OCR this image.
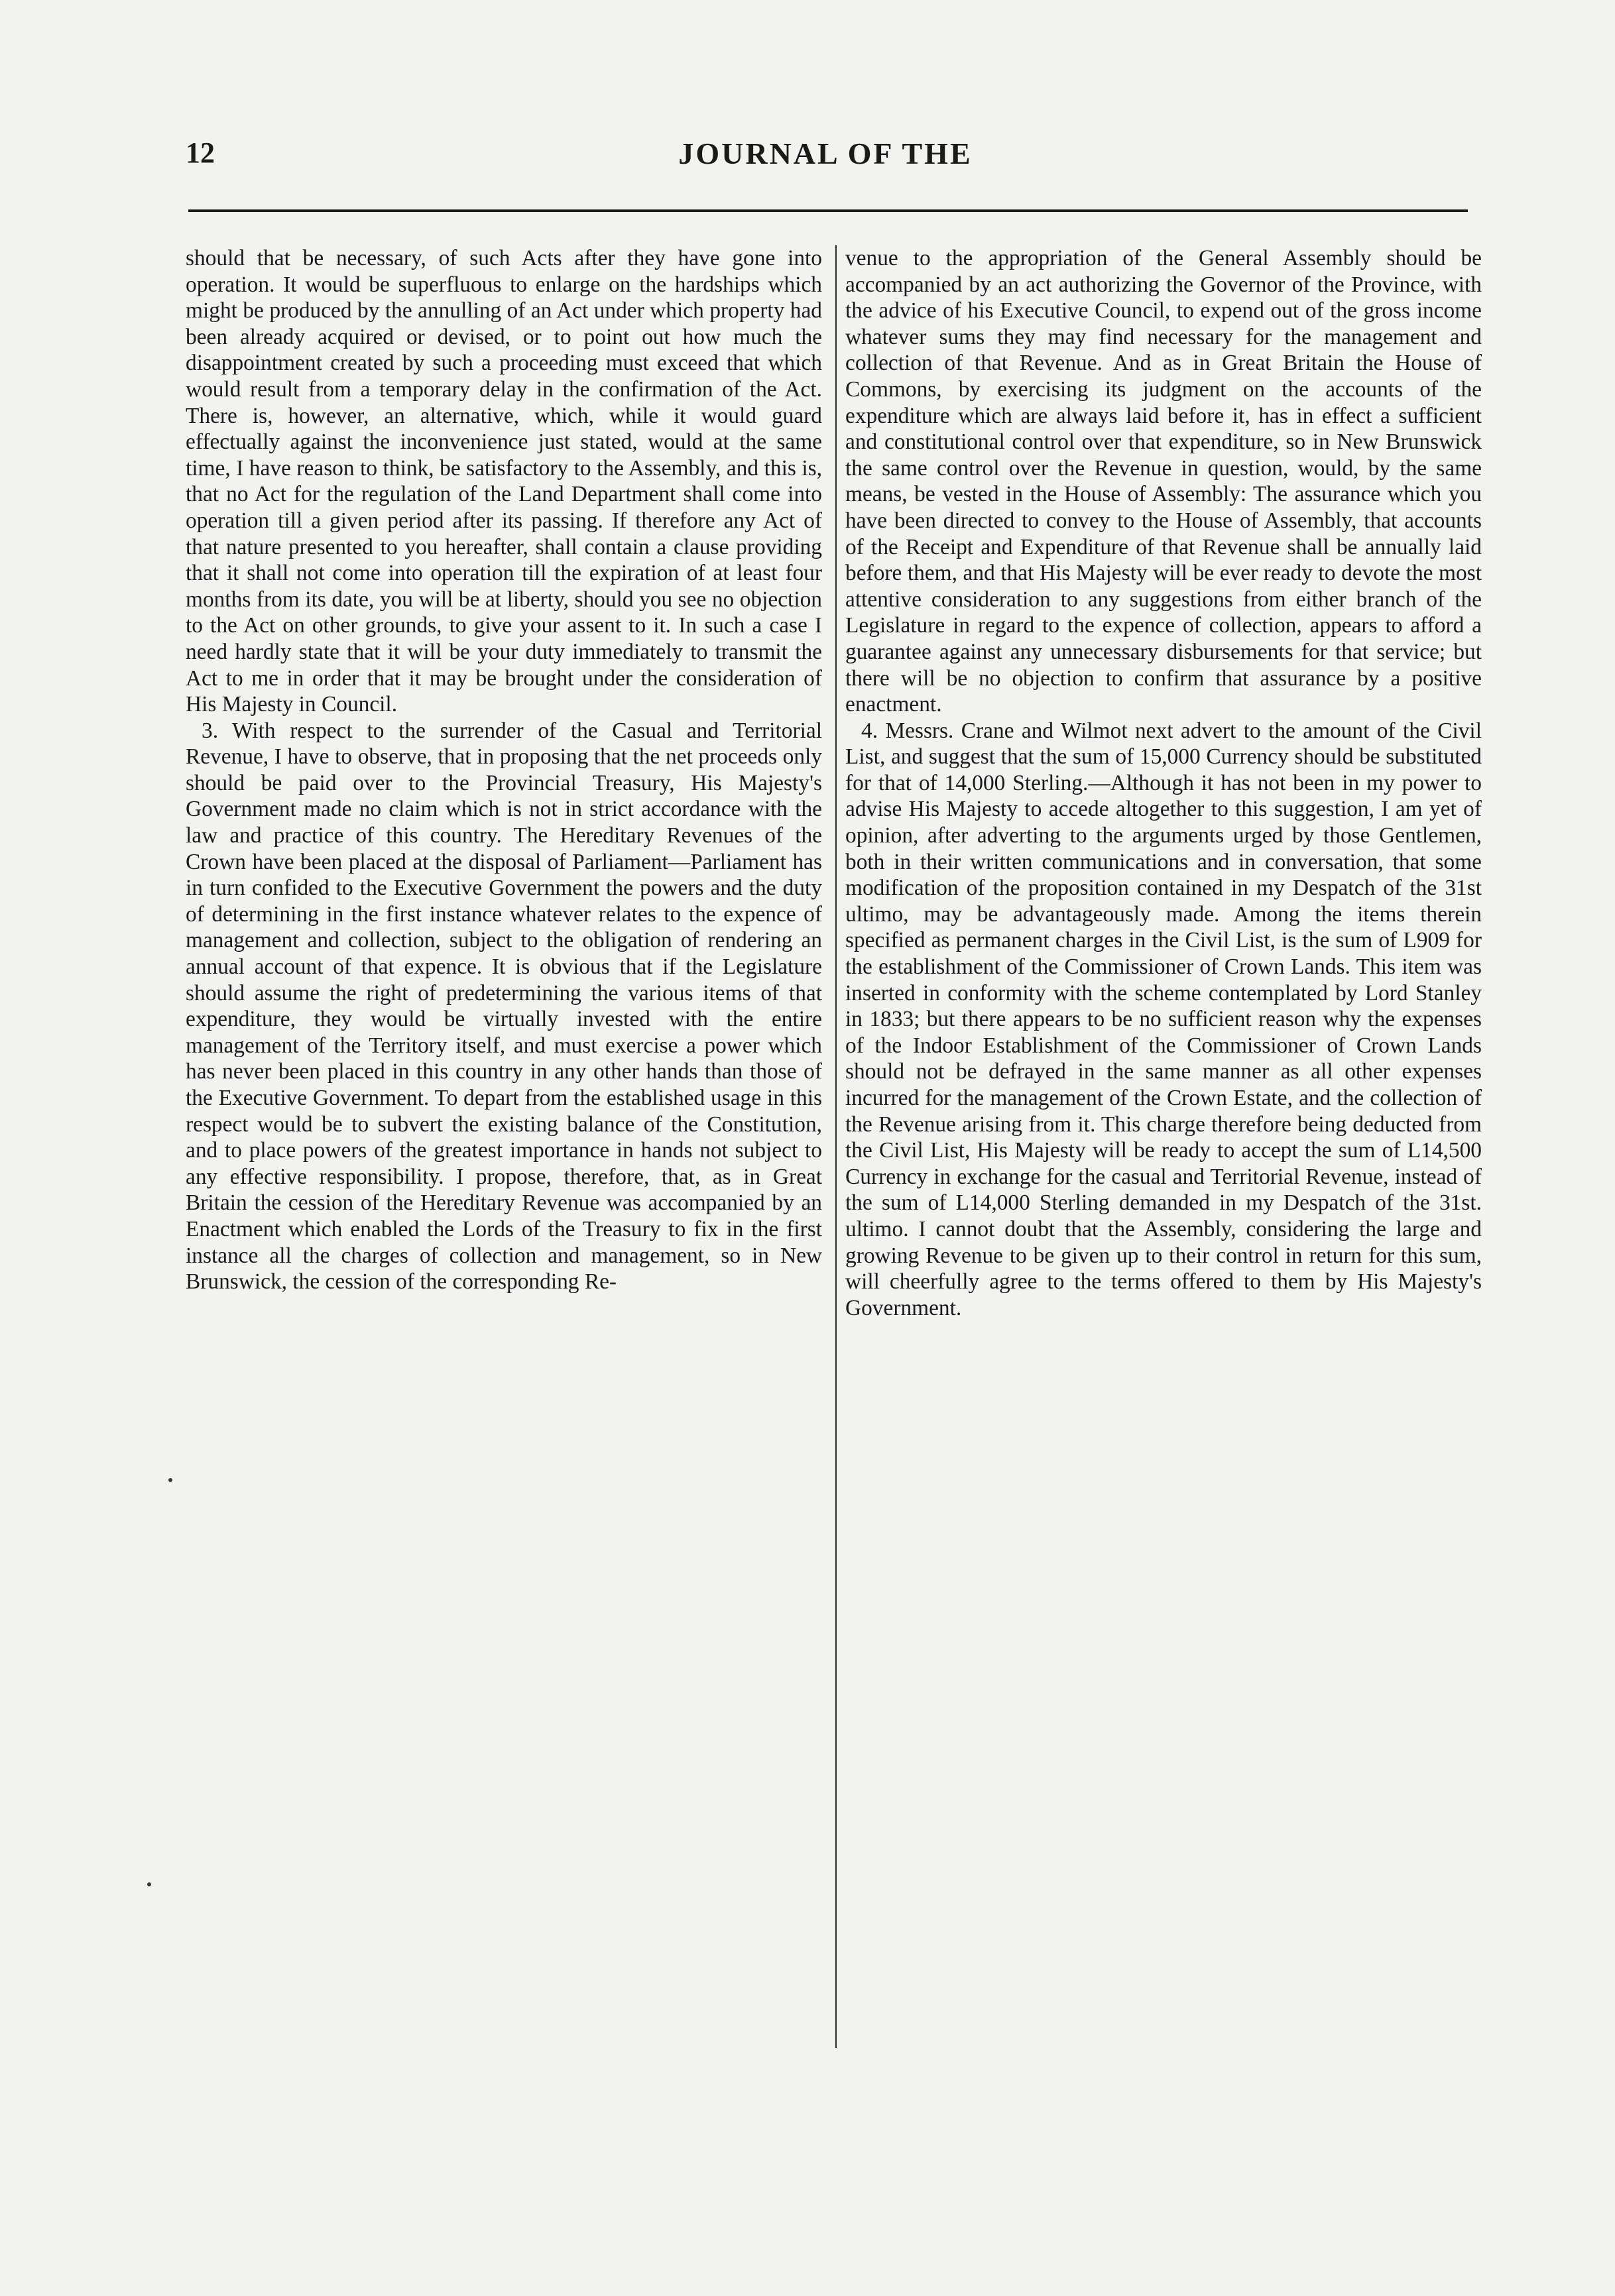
12	JOURNAL OF THE

should that be necessary, of such Acts after they have gone into operation. It would be superfluous to enlarge on the hardships which might be produced by the annulling of an Act under which property had been already acquired or devised, or to point out how much the disappointment created by such a proceeding must exceed that which would result from a temporary delay in the confirmation of the Act. There is, however, an alternative, which, while it would guard effectually against the inconvenience just stated, would at the same time, I have reason to think, be satisfactory to the Assembly, and this is, that no Act for the regulation of the Land Department shall come into operation till a given period after its passing. If therefore any Act of that nature presented to you hereafter, shall contain a clause providing that it shall not come into operation till the expiration of at least four months from its date, you will be at liberty, should you see no objection to the Act on other grounds, to give your assent to it. In such a case I need hardly state that it will be your duty immediately to transmit the Act to me in order that it may be brought under the consideration of His Majesty in Council.

3. With respect to the surrender of the Casual and Territorial Revenue, I have to observe, that in proposing that the net proceeds only should be paid over to the Provincial Treasury, His Majesty's Government made no claim which is not in strict accordance with the law and practice of this country. The Hereditary Revenues of the Crown have been placed at the disposal of Parliament—Parliament has in turn confided to the Executive Government the powers and the duty of determining in the first instance whatever relates to the expence of management and collection, subject to the obligation of rendering an annual account of that expence. It is obvious that if the Legislature should assume the right of predetermining the various items of that expenditure, they would be virtually invested with the entire management of the Territory itself, and must exercise a power which has never been placed in this country in any other hands than those of the Executive Government. To depart from the established usage in this respect would be to subvert the existing balance of the Constitution, and to place powers of the greatest importance in hands not subject to any effective responsibility. I propose, therefore, that, as in Great Britain the cession of the Hereditary Revenue was accompanied by an Enactment which enabled the Lords of the Treasury to fix in the first instance all the charges of collection and management, so in New Brunswick, the cession of the corresponding Re-

venue to the appropriation of the General Assembly should be accompanied by an act authorizing the Governor of the Province, with the advice of his Executive Council, to expend out of the gross income whatever sums they may find necessary for the management and collection of that Revenue. And as in Great Britain the House of Commons, by exercising its judgment on the accounts of the expenditure which are always laid before it, has in effect a sufficient and constitutional control over that expenditure, so in New Brunswick the same control over the Revenue in question, would, by the same means, be vested in the House of Assembly: The assurance which you have been directed to convey to the House of Assembly, that accounts of the Receipt and Expenditure of that Revenue shall be annually laid before them, and that His Majesty will be ever ready to devote the most attentive consideration to any suggestions from either branch of the Legislature in regard to the expence of collection, appears to afford a guarantee against any unnecessary disbursements for that service; but there will be no objection to confirm that assurance by a positive enactment.

4. Messrs. Crane and Wilmot next advert to the amount of the Civil List, and suggest that the sum of 15,000 Currency should be substituted for that of 14,000 Sterling.—Although it has not been in my power to advise His Majesty to accede altogether to this suggestion, I am yet of opinion, after adverting to the arguments urged by those Gentlemen, both in their written communications and in conversation, that some modification of the proposition contained in my Despatch of the 31st ultimo, may be advantageously made. Among the items therein specified as permanent charges in the Civil List, is the sum of L909 for the establishment of the Commissioner of Crown Lands. This item was inserted in conformity with the scheme contemplated by Lord Stanley in 1833; but there appears to be no sufficient reason why the expenses of the Indoor Establishment of the Commissioner of Crown Lands should not be defrayed in the same manner as all other expenses incurred for the management of the Crown Estate, and the collection of the Revenue arising from it. This charge therefore being deducted from the Civil List, His Majesty will be ready to accept the sum of L14,500 Currency in exchange for the casual and Territorial Revenue, instead of the sum of L14,000 Sterling demanded in my Despatch of the 31st. ultimo. I cannot doubt that the Assembly, considering the large and growing Revenue to be given up to their control in return for this sum, will cheerfully agree to the terms offered to them by His Majesty's Government.
